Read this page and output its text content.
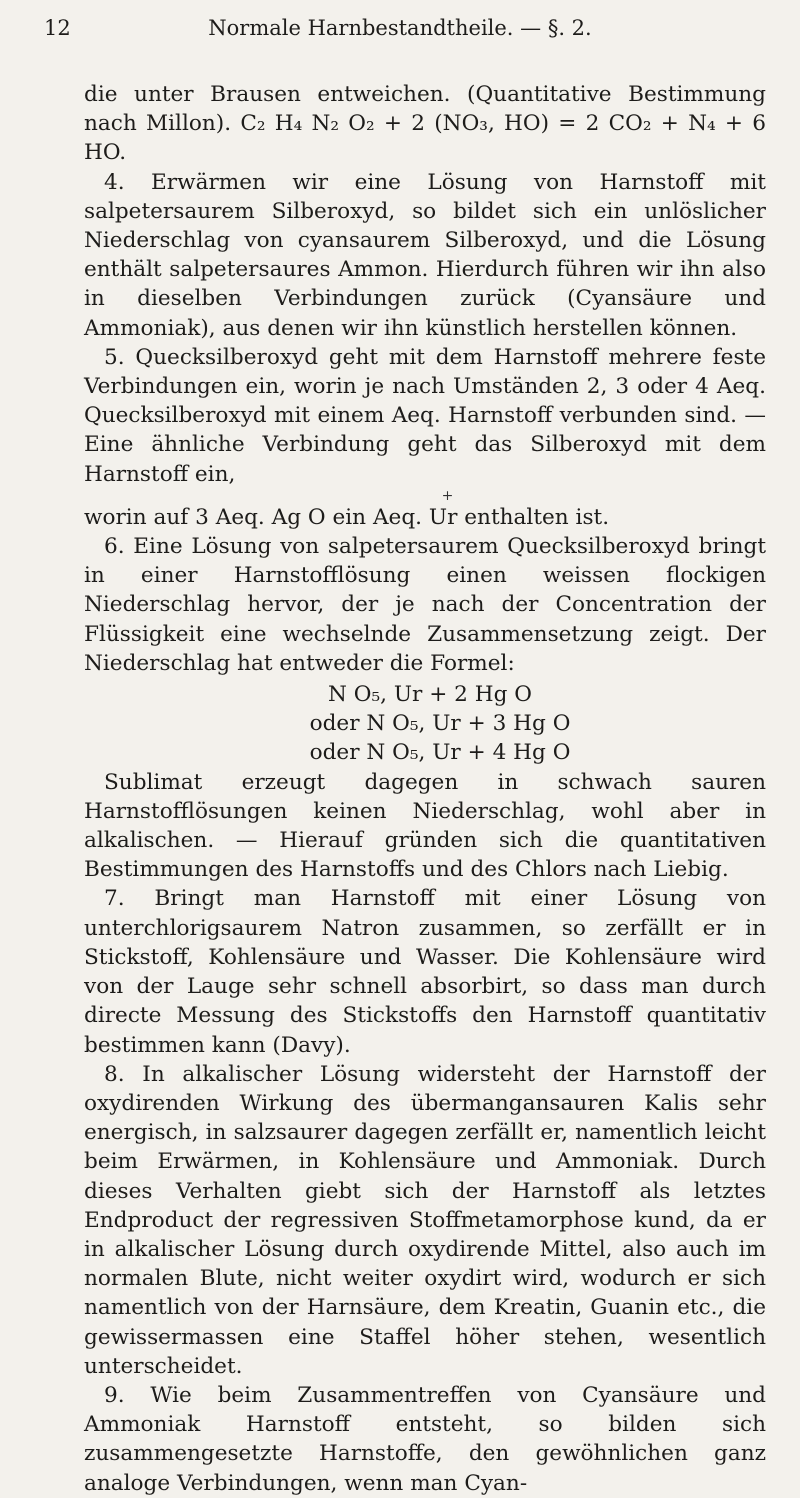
12	Normale Harnbestandtheile. — §. 2.

die unter Brausen entweichen. (Quantitative Bestimmung nach Millon). C₂ H₄ N₂ O₂ + 2 (NO₃, HO) = 2 CO₂ + N₄ + 6 HO.

4. Erwärmen wir eine Lösung von Harnstoff mit salpetersaurem Silberoxyd, so bildet sich ein unlöslicher Niederschlag von cyansaurem Silberoxyd, und die Lösung enthält salpetersaures Ammon. Hierdurch führen wir ihn also in dieselben Verbindungen zurück (Cyansäure und Ammoniak), aus denen wir ihn künstlich herstellen können.

5. Quecksilberoxyd geht mit dem Harnstoff mehrere feste Verbindungen ein, worin je nach Umständen 2, 3 oder 4 Aeq. Quecksilberoxyd mit einem Aeq. Harnstoff verbunden sind. — Eine ähnliche Verbindung geht das Silberoxyd mit dem Harnstoff ein,

+

worin auf 3 Aeq. Ag O ein Aeq. Ur enthalten ist.

6. Eine Lösung von salpetersaurem Quecksilberoxyd bringt in einer Harnstofflösung einen weissen flockigen Niederschlag hervor, der je nach der Concentration der Flüssigkeit eine wechselnde Zusammensetzung zeigt. Der Niederschlag hat entweder die Formel:

N O₅, Ur + 2 Hg O

oder N O₅, Ur + 3 Hg O

oder N O₅, Ur + 4 Hg O

Sublimat erzeugt dagegen in schwach sauren Harnstofflösungen keinen Niederschlag, wohl aber in alkalischen. — Hierauf gründen sich die quantitativen Bestimmungen des Harnstoffs und des Chlors nach Liebig.

7. Bringt man Harnstoff mit einer Lösung von unterchlorigsaurem Natron zusammen, so zerfällt er in Stickstoff, Kohlensäure und Wasser. Die Kohlensäure wird von der Lauge sehr schnell absorbirt, so dass man durch directe Messung des Stickstoffs den Harnstoff quantitativ bestimmen kann (Davy).

8. In alkalischer Lösung widersteht der Harnstoff der oxydirenden Wirkung des übermangansauren Kalis sehr energisch, in salzsaurer dagegen zerfällt er, namentlich leicht beim Erwärmen, in Kohlensäure und Ammoniak. Durch dieses Verhalten giebt sich der Harnstoff als letztes Endproduct der regressiven Stoffmetamorphose kund, da er in alkalischer Lösung durch oxydirende Mittel, also auch im normalen Blute, nicht weiter oxydirt wird, wodurch er sich namentlich von der Harnsäure, dem Kreatin, Guanin etc., die gewissermassen eine Staffel höher stehen, wesentlich unterscheidet.

9. Wie beim Zusammentreffen von Cyansäure und Ammoniak Harnstoff entsteht, so bilden sich zusammengesetzte Harnstoffe, den gewöhnlichen ganz analoge Verbindungen, wenn man Cyan-
